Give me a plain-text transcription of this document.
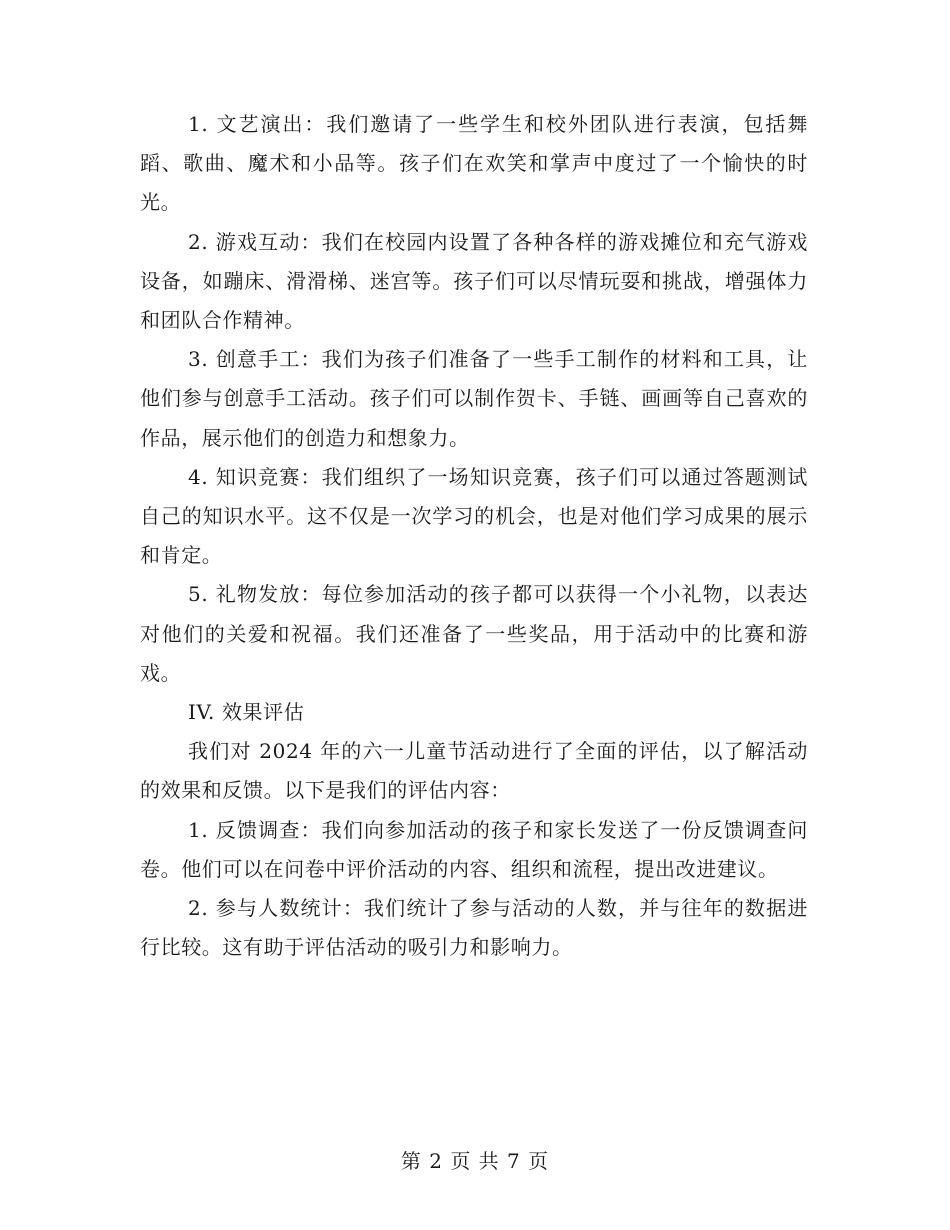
1. 文艺演出：我们邀请了一些学生和校外团队进行表演，包括舞蹈、歌曲、魔术和小品等。孩子们在欢笑和掌声中度过了一个愉快的时光。

2. 游戏互动：我们在校园内设置了各种各样的游戏摊位和充气游戏设备，如蹦床、滑滑梯、迷宫等。孩子们可以尽情玩耍和挑战，增强体力和团队合作精神。

3. 创意手工：我们为孩子们准备了一些手工制作的材料和工具，让他们参与创意手工活动。孩子们可以制作贺卡、手链、画画等自己喜欢的作品，展示他们的创造力和想象力。

4. 知识竞赛：我们组织了一场知识竞赛，孩子们可以通过答题测试自己的知识水平。这不仅是一次学习的机会，也是对他们学习成果的展示和肯定。

5. 礼物发放：每位参加活动的孩子都可以获得一个小礼物，以表达对他们的关爱和祝福。我们还准备了一些奖品，用于活动中的比赛和游戏。

IV. 效果评估

我们对 2024 年的六一儿童节活动进行了全面的评估，以了解活动的效果和反馈。以下是我们的评估内容：

1. 反馈调查：我们向参加活动的孩子和家长发送了一份反馈调查问卷。他们可以在问卷中评价活动的内容、组织和流程，提出改进建议。

2. 参与人数统计：我们统计了参与活动的人数，并与往年的数据进行比较。这有助于评估活动的吸引力和影响力。

第 2 页 共 7 页
